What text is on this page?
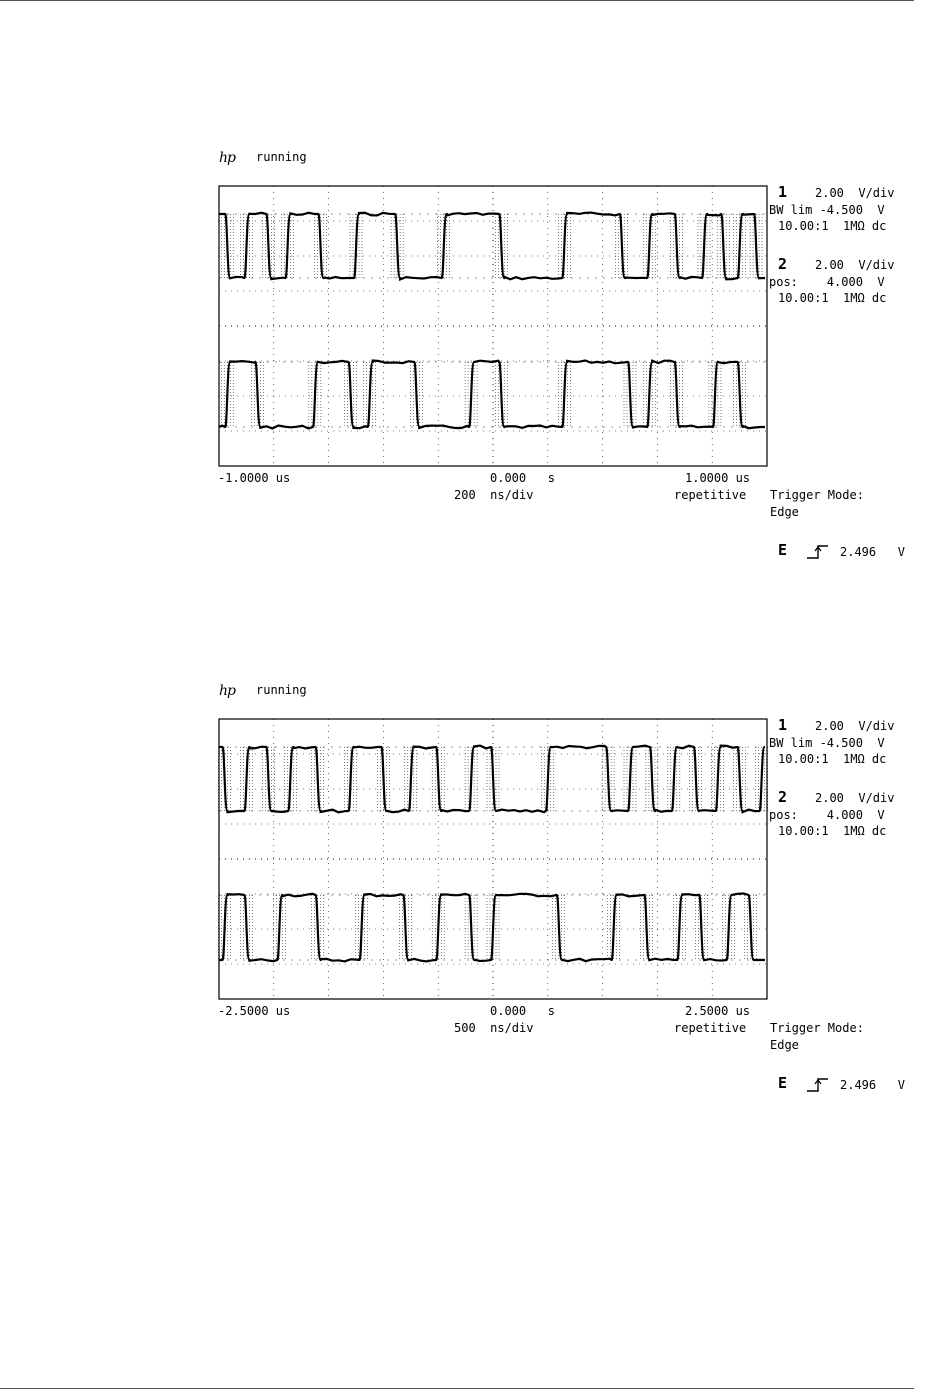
hp running
1 2.00  V/div
BW lim -4.500  V
10.00:1  1MΩ dc
2 2.00  V/div
pos:    4.000  V
10.00:1  1MΩ dc
-1.0000 us	0.000   s	1.0000 us
200  ns/div	repetitive Trigger Mode:
Edge
E	2.496   V
hp running
1 2.00  V/div
BW lim -4.500  V
10.00:1  1MΩ dc
2 2.00  V/div
pos:    4.000  V
10.00:1  1MΩ dc
-2.5000 us	0.000   s	2.5000 us
500  ns/div	repetitive Trigger Mode:
Edge
E	2.496   V
